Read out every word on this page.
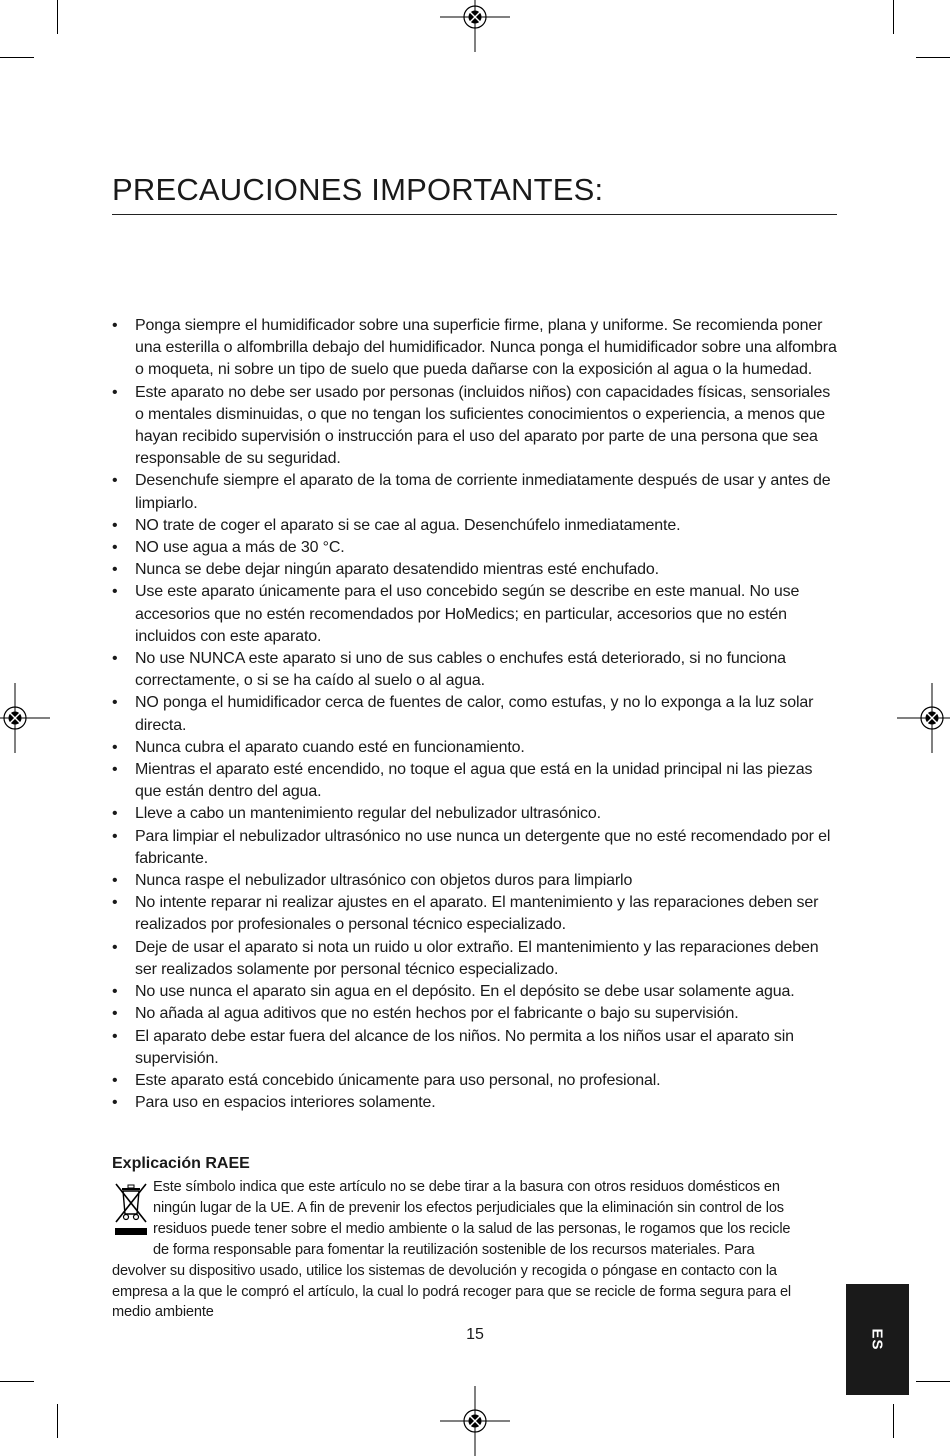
PRECAUCIONES IMPORTANTES:
• Ponga siempre el humidificador sobre una superficie firme, plana y uniforme. Se recomienda poner una esterilla o alfombrilla debajo del humidificador. Nunca ponga el humidificador sobre una alfombra o moqueta, ni sobre un tipo de suelo que pueda dañarse con la exposición al agua o la humedad.
• Este aparato no debe ser usado por personas (incluidos niños) con capacidades físicas, sensoriales o mentales disminuidas, o que no tengan los suficientes conocimientos o experiencia, a menos que hayan recibido supervisión o instrucción para el uso del aparato por parte de una persona que sea responsable de su seguridad.
• Desenchufe siempre el aparato de la toma de corriente inmediatamente después de usar y antes de limpiarlo.
• NO trate de coger el aparato si se cae al agua. Desenchúfelo inmediatamente.
• NO use agua a más de 30 °C.
• Nunca se debe dejar ningún aparato desatendido mientras esté enchufado.
• Use este aparato únicamente para el uso concebido según se describe en este manual. No use accesorios que no estén recomendados por HoMedics; en particular, accesorios que no estén incluidos con este aparato.
• No use NUNCA este aparato si uno de sus cables o enchufes está deteriorado, si no funciona correctamente, o si se ha caído al suelo o al agua.
• NO ponga el humidificador cerca de fuentes de calor, como estufas, y no lo exponga a la luz solar directa.
• Nunca cubra el aparato cuando esté en funcionamiento.
• Mientras el aparato esté encendido, no toque el agua que está en la unidad principal ni las piezas que están dentro del agua.
• Lleve a cabo un mantenimiento regular del nebulizador ultrasónico.
• Para limpiar el nebulizador ultrasónico no use nunca un detergente que no esté recomendado por el fabricante.
• Nunca raspe el nebulizador ultrasónico con objetos duros para limpiarlo
• No intente reparar ni realizar ajustes en el aparato. El mantenimiento y las reparaciones deben ser realizados por profesionales o personal técnico especializado.
• Deje de usar el aparato si nota un ruido u olor extraño. El mantenimiento y las reparaciones deben ser realizados solamente por personal técnico especializado.
• No use nunca el aparato sin agua en el depósito. En el depósito se debe usar solamente agua.
• No añada al agua aditivos que no estén hechos por el fabricante o bajo su supervisión.
• El aparato debe estar fuera del alcance de los niños. No permita a los niños usar el aparato sin supervisión.
• Este aparato está concebido únicamente para uso personal, no profesional.
• Para uso en espacios interiores solamente.
Explicación RAEE
Este símbolo indica que este artículo no se debe tirar a la basura con otros residuos domésticos en ningún lugar de la UE. A fin de prevenir los efectos perjudiciales que la eliminación sin control de los residuos puede tener sobre el medio ambiente o la salud de las personas, le rogamos que los recicle de forma responsable para fomentar la reutilización sostenible de los recursos materiales. Para devolver su dispositivo usado, utilice los sistemas de devolución y recogida o póngase en contacto con la empresa a la que le compró el artículo, la cual lo podrá recoger para que se recicle de forma segura para el medio ambiente
15	ES
